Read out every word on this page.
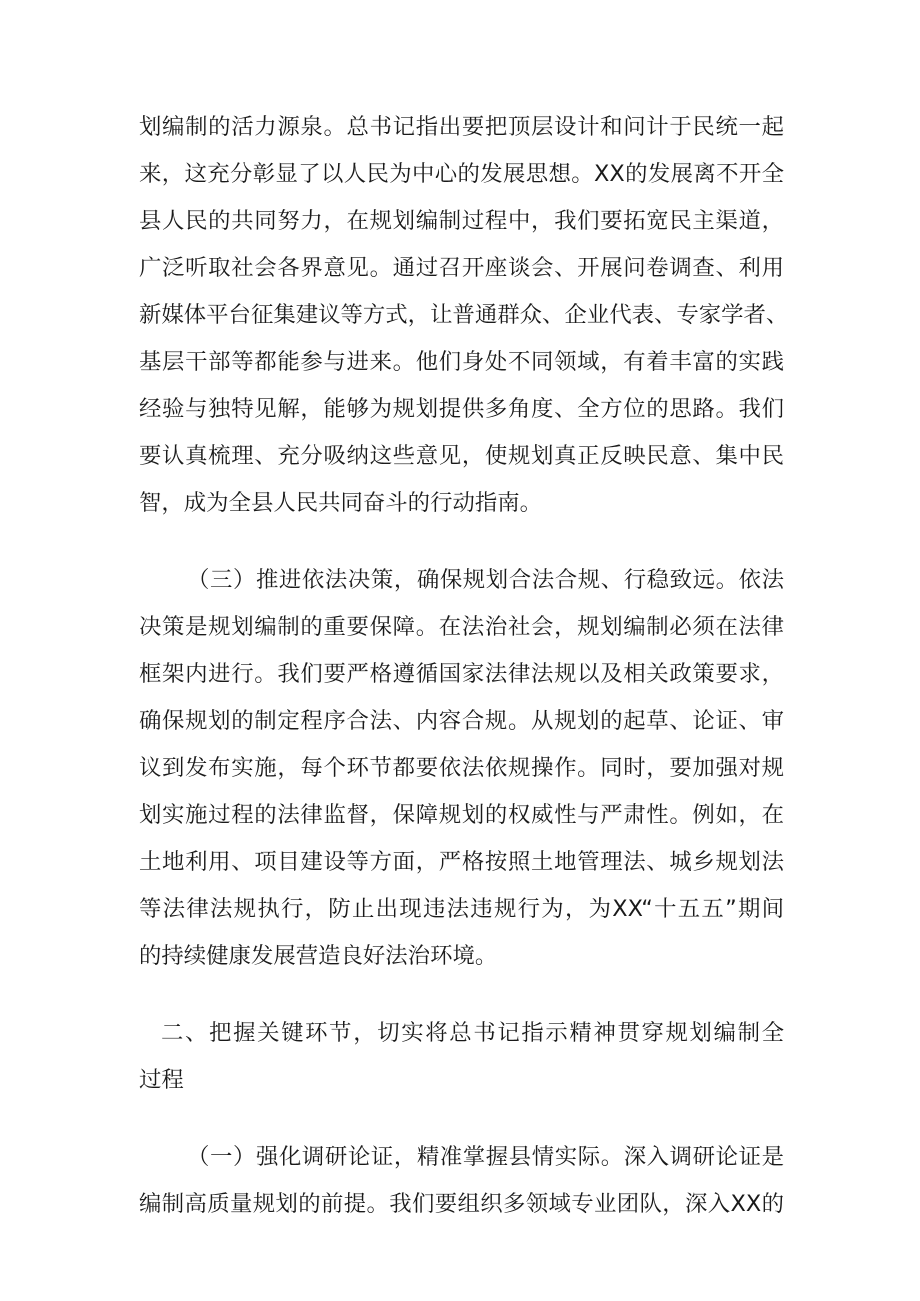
划编制的活力源泉。总书记指出要把顶层设计和问计于民统一起
来，这充分彰显了以人民为中心的发展思想。XX的发展离不开全
县人民的共同努力，在规划编制过程中，我们要拓宽民主渠道，
广泛听取社会各界意见。通过召开座谈会、开展问卷调查、利用
新媒体平台征集建议等方式，让普通群众、企业代表、专家学者、
基层干部等都能参与进来。他们身处不同领域，有着丰富的实践
经验与独特见解，能够为规划提供多角度、全方位的思路。我们
要认真梳理、充分吸纳这些意见，使规划真正反映民意、集中民
智，成为全县人民共同奋斗的行动指南。
（三）推进依法决策，确保规划合法合规、行稳致远。依法
决策是规划编制的重要保障。在法治社会，规划编制必须在法律
框架内进行。我们要严格遵循国家法律法规以及相关政策要求，
确保规划的制定程序合法、内容合规。从规划的起草、论证、审
议到发布实施，每个环节都要依法依规操作。同时，要加强对规
划实施过程的法律监督，保障规划的权威性与严肃性。例如，在
土地利用、项目建设等方面，严格按照土地管理法、城乡规划法
等法律法规执行，防止出现违法违规行为，为XX“十五五”期间
的持续健康发展营造良好法治环境。
二、把握关键环节，切实将总书记指示精神贯穿规划编制全
过程
（一）强化调研论证，精准掌握县情实际。深入调研论证是
编制高质量规划的前提。我们要组织多领域专业团队，深入XX的
